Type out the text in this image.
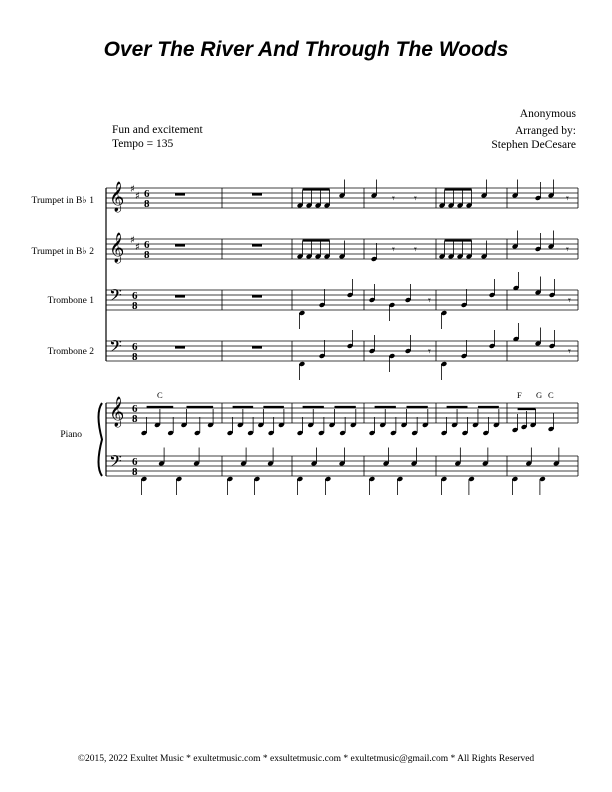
Over The River And Through The Woods
Anonymous
Arranged by:
Stephen DeCesare
Fun and excitement
Tempo = 135
Trumpet in B♭ 1
Trumpet in B♭ 2
Trombone 1
Trombone 2
Piano
C	F G C
𝄞 ♯
♯ 6
8	𝄾 𝄾	𝄾
𝄞 ♯
♯ 6
8	𝄾 𝄾	𝄾
𝄢 6
8	𝄾	𝄾
𝄢 6
8	𝄾	𝄾
𝄞 6
8
𝄢 6
8
©2015, 2022 Exultet Music * exultetmusic.com * exsultetmusic.com * exultetmusic@gmail.com * All Rights Reserved
